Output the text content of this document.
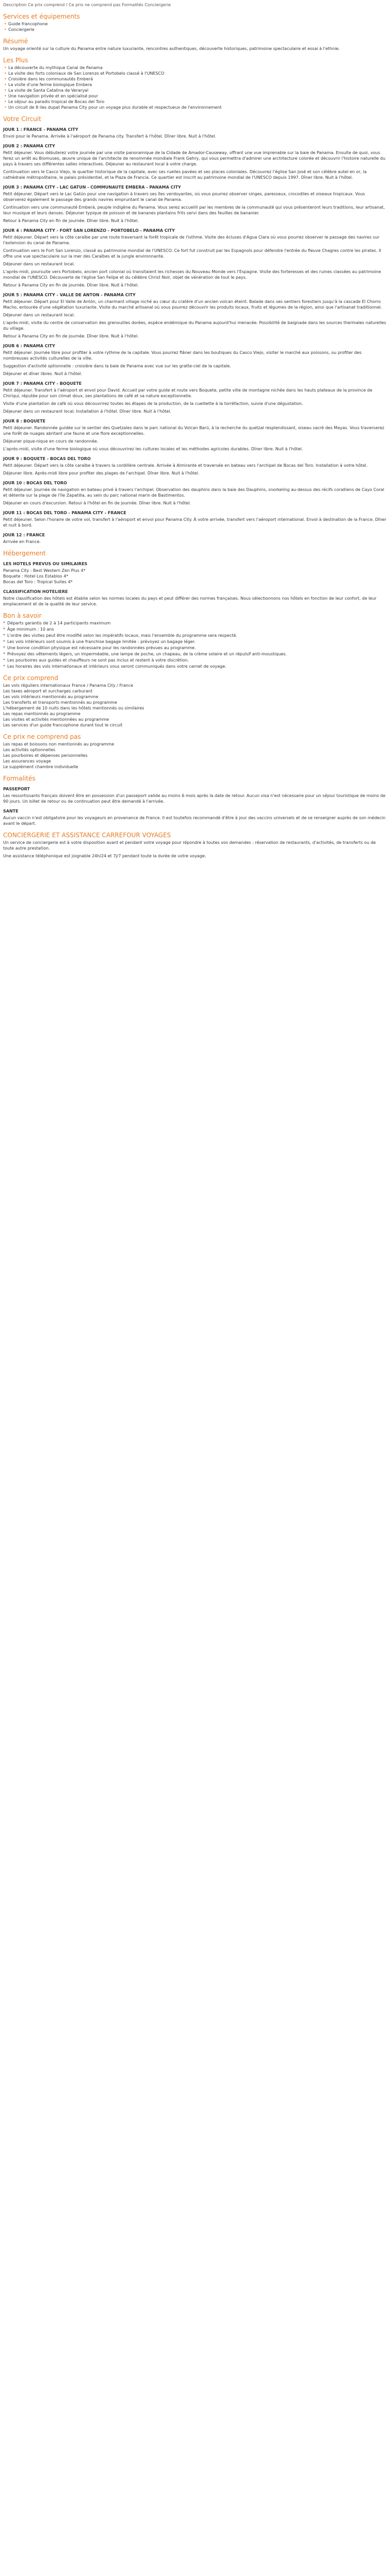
Description Ce prix comprend / Ce prix ne comprend pas Formalités Conciergerie
Services et équipements
• Guide francophone
• Conciergerie
Résumé

Un voyage orienté sur la culture du Panama entre nature luxuriante, rencontres authentiques, découverte historiques, patrimoine spectaculaire et essai à l'ethnie.

Les Plus
• La découverte du mythique Canal de Panama
• La visite des forts coloniaux de San Lorenzo et Portobelo classé à l'UNESCO
• Croisière dans les communautés Emberá
• La visite d'une ferme biologique Embera
• La visite de Santa Catalina de Veraryal
• Une navigation privée et en spécialisé pour
• Le séjour au paradis tropical de Bocas del Toro
• Un circuit de 8 iles dupat Panama City pour un voyage plus durable et respectueux de l'environnement
Votre Circuit
JOUR 1 : FRANCE - PANAMA CITY

Envol pour le Panama. Arrivée à l'aéroport de Panama city. Transfert à l'hôtel. Dîner libre. Nuit à l'hôtel.

JOUR 2 : PANAMA CITY

Petit déjeuner. Vous débuterez votre journée par une visite panoramique de la Cidade de Amador-Causeway, offrant une vue imprenable sur la baie de Panama. Ensuite de quoi, vous ferez un arrêt au Biomuseo, œuvre unique de l'architecte de renommée mondiale Frank Gehry, qui vous permettra d'admirer une architecture colorée et découvrir l'histoire naturelle du pays à travers ses différentes salles interactives. Déjeuner au restaurant local à votre charge.

Continuation vers le Casco Viejo, le quartier historique de la capitale, avec ses ruelles pavées et ses places coloniales. Découvrez l'église San José et son célèbre autel en or, la cathédrale métropolitaine, le palais présidentiel, et la Plaza de Francia. Ce quartier est inscrit au patrimoine mondial de l'UNESCO depuis 1997. Dîner libre. Nuit à l'hôtel.

JOUR 3 : PANAMA CITY - LAC GATUN - COMMUNAUTE EMBERA - PANAMA CITY

Petit déjeuner. Départ vers le Lac Gatún pour une navigation à travers ses îles verdoyantes, où vous pourrez observer singes, paresseux, crocodiles et oiseaux tropicaux. Vous observerez également le passage des grands navires empruntant le canal de Panama.

Continuation vers une communauté Emberá, peuple indigène du Panama. Vous serez accueilli par les membres de la communauté qui vous présenteront leurs traditions, leur artisanat, leur musique et leurs danses. Déjeuner typique de poisson et de bananes plantains frits servi dans des feuilles de bananier.

Retour à Panama City en fin de journée. Dîner libre. Nuit à l'hôtel.

JOUR 4 : PANAMA CITY - FORT SAN LORENZO - PORTOBELO - PANAMA CITY

Petit déjeuner. Départ vers la côte caraïbe par une route traversant la forêt tropicale de l'isthme. Visite des écluses d'Agua Clara où vous pourrez observer le passage des navires sur l'extension du canal de Panama.

Continuation vers le Fort San Lorenzo, classé au patrimoine mondial de l'UNESCO. Ce fort fut construit par les Espagnols pour défendre l'entrée du fleuve Chagres contre les pirates. Il offre une vue spectaculaire sur la mer des Caraïbes et la jungle environnante.

Déjeuner dans un restaurant local.

L'après-midi, poursuite vers Portobelo, ancien port colonial où transitaient les richesses du Nouveau Monde vers l'Espagne. Visite des forteresses et des ruines classées au patrimoine mondial de l'UNESCO. Découverte de l'église San Felipe et du célèbre Christ Noir, objet de vénération de tout le pays.

Retour à Panama City en fin de journée. Dîner libre. Nuit à l'hôtel.

JOUR 5 : PANAMA CITY - VALLE DE ANTON - PANAMA CITY

Petit déjeuner. Départ pour El Valle de Antón, un charmant village niché au cœur du cratère d'un ancien volcan éteint. Balade dans ses sentiers forestiers jusqu'à la cascade El Chorro Macho, entourée d'une végétation luxuriante. Visite du marché artisanal où vous pourrez découvrir les produits locaux, fruits et légumes de la région, ainsi que l'artisanat traditionnel.

Déjeuner dans un restaurant local.

L'après-midi, visite du centre de conservation des grenouilles dorées, espèce endémique du Panama aujourd'hui menacée. Possibilité de baignade dans les sources thermales naturelles du village.

Retour à Panama City en fin de journée. Dîner libre. Nuit à l'hôtel.

JOUR 6 : PANAMA CITY

Petit déjeuner. Journée libre pour profiter à votre rythme de la capitale. Vous pourrez flâner dans les boutiques du Casco Viejo, visiter le marché aux poissons, ou profiter des nombreuses activités culturelles de la ville.

Suggestion d'activité optionnelle : croisière dans la baie de Panama avec vue sur les gratte-ciel de la capitale.

Déjeuner et dîner libres. Nuit à l'hôtel.

JOUR 7 : PANAMA CITY - BOQUETE

Petit déjeuner. Transfert à l'aéroport et envol pour David. Accueil par votre guide et route vers Boquete, petite ville de montagne nichée dans les hauts plateaux de la province de Chiriquí, réputée pour son climat doux, ses plantations de café et sa nature exceptionnelle.

Visite d'une plantation de café où vous découvrirez toutes les étapes de la production, de la cueillette à la torréfaction, suivie d'une dégustation.

Déjeuner dans un restaurant local. Installation à l'hôtel. Dîner libre. Nuit à l'hôtel.

JOUR 8 : BOQUETE

Petit déjeuner. Randonnée guidée sur le sentier des Quetzales dans le parc national du Volcan Barú, à la recherche du quetzal resplendissant, oiseau sacré des Mayas. Vous traverserez une forêt de nuages abritant une faune et une flore exceptionnelles.

Déjeuner pique-nique en cours de randonnée.

L'après-midi, visite d'une ferme biologique où vous découvrirez les cultures locales et les méthodes agricoles durables. Dîner libre. Nuit à l'hôtel.

JOUR 9 : BOQUETE - BOCAS DEL TORO

Petit déjeuner. Départ vers la côte caraïbe à travers la cordillère centrale. Arrivée à Almirante et traversée en bateau vers l'archipel de Bocas del Toro. Installation à votre hôtel.

Déjeuner libre. Après-midi libre pour profiter des plages de l'archipel. Dîner libre. Nuit à l'hôtel.

JOUR 10 : BOCAS DEL TORO

Petit déjeuner. Journée de navigation en bateau privé à travers l'archipel. Observation des dauphins dans la baie des Dauphins, snorkeling au-dessus des récifs coralliens de Cayo Coral et détente sur la plage de l'île Zapatilla, au sein du parc national marin de Bastimentos.

Déjeuner en cours d'excursion. Retour à l'hôtel en fin de journée. Dîner libre. Nuit à l'hôtel.

JOUR 11 : BOCAS DEL TORO - PANAMA CITY - FRANCE

Petit déjeuner. Selon l'horaire de votre vol, transfert à l'aéroport et envol pour Panama City. À votre arrivée, transfert vers l'aéroport international. Envol à destination de la France. Dîner et nuit à bord.

JOUR 12 : FRANCE

Arrivée en France.

Hébergement
LES HOTELS PREVUS OU SIMILAIRES

Panama City : Best Western Zen Plus 4*

Boquete : Hotel Los Establos 4*

Bocas del Toro : Tropical Suites 4*

CLASSIFICATION HOTELIERE

Notre classification des hôtels est établie selon les normes locales du pays et peut différer des normes françaises. Nous sélectionnons nos hôtels en fonction de leur confort, de leur emplacement et de la qualité de leur service.

Bon à savoir
* Départs garantis de 2 à 14 participants maximum
* Âge minimum : 10 ans
* L'ordre des visites peut être modifié selon les impératifs locaux, mais l'ensemble du programme sera respecté.
* Les vols intérieurs sont soumis à une franchise bagage limitée : prévoyez un bagage léger.
* Une bonne condition physique est nécessaire pour les randonnées prévues au programme.
* Prévoyez des vêtements légers, un imperméable, une lampe de poche, un chapeau, de la crème solaire et un répulsif anti-moustiques.
* Les pourboires aux guides et chauffeurs ne sont pas inclus et restent à votre discrétion.
* Les horaires des vols internationaux et intérieurs vous seront communiqués dans votre carnet de voyage.
Ce prix comprend

Les vols réguliers internationaux France / Panama City / France

Les taxes aéroport et surcharges carburant

Les vols intérieurs mentionnés au programme

Les transferts et transports mentionnés au programme

L'hébergement de 10 nuits dans les hôtels mentionnés ou similaires

Les repas mentionnés au programme

Les visites et activités mentionnées au programme

Les services d'un guide francophone durant tout le circuit

Ce prix ne comprend pas

Les repas et boissons non mentionnés au programme

Les activités optionnelles

Les pourboires et dépenses personnelles

Les assurances voyage

Le supplément chambre individuelle

Formalités
PASSEPORT

Les ressortissants français doivent être en possession d'un passeport valide au moins 6 mois après la date de retour. Aucun visa n'est nécessaire pour un séjour touristique de moins de 90 jours. Un billet de retour ou de continuation peut être demandé à l'arrivée.

SANTE

Aucun vaccin n'est obligatoire pour les voyageurs en provenance de France. Il est toutefois recommandé d'être à jour des vaccins universels et de se renseigner auprès de son médecin avant le départ.

CONCIERGERIE ET ASSISTANCE CARREFOUR VOYAGES

Un service de conciergerie est à votre disposition avant et pendant votre voyage pour répondre à toutes vos demandes : réservation de restaurants, d'activités, de transferts ou de toute autre prestation.

Une assistance téléphonique est joignable 24h/24 et 7j/7 pendant toute la durée de votre voyage.
